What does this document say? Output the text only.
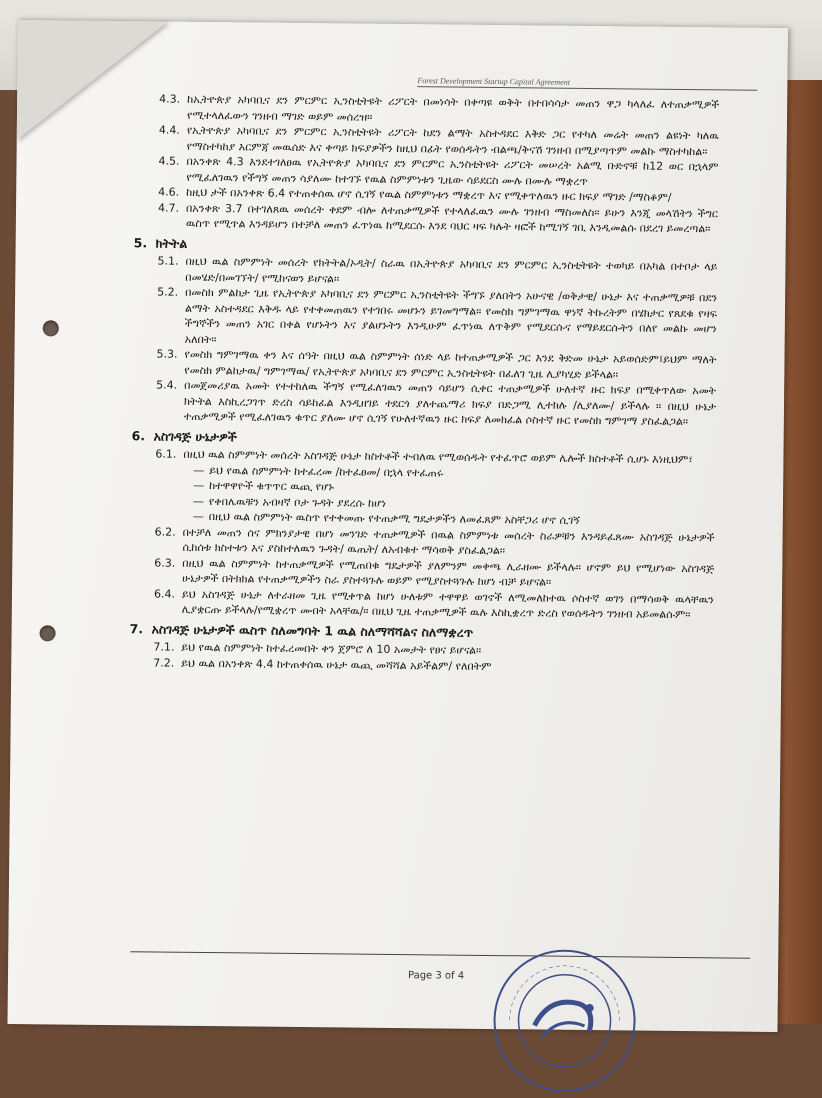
Forest Development Startup Capital Agreement
4.3. ከኢትዮጵያ አካባቢና ደን ምርምር ኢንስቲትዩት ሪፖርት በመነሳት በቀጣዩ ወቅት በተበሳሳታ መጠን ዋጋ ካላለፈ ለተጠቃሚዎች የሚተላለፈውን ገንዘብ ማገድ ወይም መሰረዝ።
4.4. የኢትዮጵያ አካባቢና ደን ምርምር ኢንስቲትዩት ሪፖርት ከደን ልማት አስተዳደር እቅድ ጋር የተካለ መሬት መጠን ልዩነት ካለዉ የማስተካከያ እርምጃ መዉሰድ እና ቀጣይ ክፍያዎችን ከዚህ በፊት የወሰዱትን ብልጫ/ቅናሽ ገንዘብ በሚያጣጥም መልኩ ማስተካከል።
4.5. በአንቀጽ 4.3 እንደተገለፀዉ የኢትዮጵያ አካባቢና ደን ምርምር ኢንስቲትዩት ሪፖርት መሠረት አልሚ ቡድኖቹ ከ12 ወር በኋላም የሚፈለገዉን የችግኝ መጠን ሳያለሙ ከተገኙ የዉል ስምምነቱን ጊዜው ሳይደርስ ሙሉ በሙሉ ማቋረጥ
4.6. ከዚህ ታች በአንቀጽ 6.4 የተጠቀሰዉ ሆኖ ሲገኝ የዉል ስምምነቱን ማቋረጥ እና የሚቀጥለዉን ዙር ክፍያ ማገድ /ማስቆም/
4.7. በአንቀጽ 3.7 በተገለጸዉ መሰረት ቀደም ብሎ ለተጠቃሚዎች የተላለፈዉን ሙሉ ገንዘብ ማስመለስ። ይሁን እንጂ መላሽትን ችግር ዉስጥ የሚጥል እንዳይሆን በተቻለ መጠን ፈጥነዉ ከሚደርሱ እንደ ባህር ዛፍ ካሉት ዛፎች ከሚገኝ ገቢ እንዲመልሱ በደረገ ይመረጣል።
5. ክትትል
5.1. በዚህ ዉል ስምምነት መሰረት የክትትል/ኦዲት/ ስራዉ በኢትዮጵያ አካባቢና ደን ምርምር ኢንስቲትዩት ተወካይ በአካል በተቦታ ላይ በመሄድ/በመገኘት/ የሚከናወን ይሆናል።
5.2. በመስክ ምልከታ ጊዜ የኢትዮጵያ አካባቢና ደን ምርምር ኢንስቲትዩት ችግኙ ያለበትን አሁናዊ /ወቅታዊ/ ሁኔታ እና ተጠቃሚዎቹ በደን ልማት አስተዳደር እቅዱ ላይ የተቀመጠዉን የተገበሩ መሆኑን ይገመግማል። የመስክ ግምገማዉ ዋነኛ ትኩረትም በሄክታር የጸደቁ የዛፍ ችግኞችን መጠን አገር በቀል የሆኑትን እና ያልሆኑትን እንዲሁም ፈጥነዉ ለጥቅም የሚደርሱና የማይደርሱትን በለየ መልኩ መሆን አለበት።
5.3. የመስክ ግምገማዉ ቀን እና ሰዓት በዚህ ዉል ስምምነት ሰነድ ላይ ከተጠቃሚዎች ጋር እንደ ቅድመ ሁኔታ አይወሰድም፤ይህም ማለት የመስክ ምልከታዉ/ ግምገማዉ/ የኢትዮጵያ አካባቢና ደን ምርምር ኢንስቲትዩት በፈለገ ጊዜ ሊያካሂድ ይችላል።
5.4. በመጀመሪያዉ አመት የተተከለዉ ችግኝ የሚፈለገዉን መጠን ሳይሆን ሲቀር ተጠቃሚዎች ሁለተኛ ዙር ክፍያ በሚቀጥለው አመት ክትትል እስኪረጋገጥ ድረስ ሳይከፈል እንዲዘገይ ተደርጎ ያለተጨማሪ ክፍያ በድጋሚ ሊተክሉ /ሊያለሙ/ ይችላሉ ። በዚህ ሁኔታ ተጠቃሚዎች የሚፈለገዉን ቁጥር ያለሙ ሆኖ ሲገኝ የሁለተኛዉን ዙር ክፍያ ለመክፈል ሶስተኛ ዙር የመስክ ግምገማ ያስፈልጋል።
6. አስገዳጅ ሁኔታዎች
6.1. በዚህ ዉል ስምምነት መሰረት አስገዳጅ ሁኔታ ከስተቶች ተብለዉ የሚወሰዱት የተፈጥሮ ወይም ሌሎች ክስተቶች ሲሆኑ እነዚህም፣
— ይህ የዉል ስምምነት ከተፈረመ /ከተፈፀመ/ በኋላ የተፈጠሩ
— ከተዋዋዮች ቁጥጥር ዉጪ የሆኑ
— የቀበሌዉቹን አብዛኛ ቦታ ጉዳት ያደረሱ ከሆነ
— በዚህ ዉል ስምምነት ዉስጥ የተቀመጡ የተጠቃሚ ግዴታዎችን ለመፈጸም አስቸጋሪ ሆኖ ሲገኝ
6.2. በተቻለ መጠን ሰና ምክንያታዊ በሆነ መንገድ ተጠቃሚዎች በዉል ስምምነቱ መሰረት ስራዎቹን እንዳይፈጸሙ አስገዳጅ ሁኔታዎች ሲከሰቱ ክስተቱን እና ያስከተለዉን ጉዳት/ ዉጤት/ ለአብቁተ ማሳወቅ ያስፈልጋል።
6.3. በዚህ ዉል ስምምነት ከተጠቃሚዎች የሚጠበቁ ግዴታዎች ያለምንም መቀጫ ሊራዘሙ ይችላሉ። ሆኖም ይህ የሚሆነው አስገዳጅ ሁኔታዎች በትክክል የተጠቃሚዎችን ስራ ያስተጓጉሉ ወይም የሚያስተጓጉሉ ከሆነ ብቻ ይሆናል።
6.4. ይህ አስገዳጅ ሁኔታ ለተራዘመ ጊዜ የሚቀጥል ከሆነ ሁለቱም ተዋዋይ ወገኖች ለሚመለከተዉ ሶስተኛ ወገን በማሳወቅ ዉላቸዉን ሊያቋርጡ ይችላሉ/የሚቋረጥ መብት አላቸዉ/። በዚህ ጊዜ ተጠቃሚዎች ዉሉ እስኪቋረጥ ድረስ የወሰዱትን ገንዘብ አይመልሱም።
7. አስገዳጅ ሁኔታዎች ዉስጥ ስለመግባት 1 ዉል ስለማሻሻልና ስለማቋረጥ
7.1. ይህ የዉል ስምምነት ከተፈረመበት ቀን ጀምሮ ለ 10 አመታት የፀና ይሆናል።
7.2. ይህ ዉል በአንቀጽ 4.4 ከተጠቀሰዉ ሁኔታ ዉጪ መሻሻል አይችልም/ የለበትም
Page 3 of 4
